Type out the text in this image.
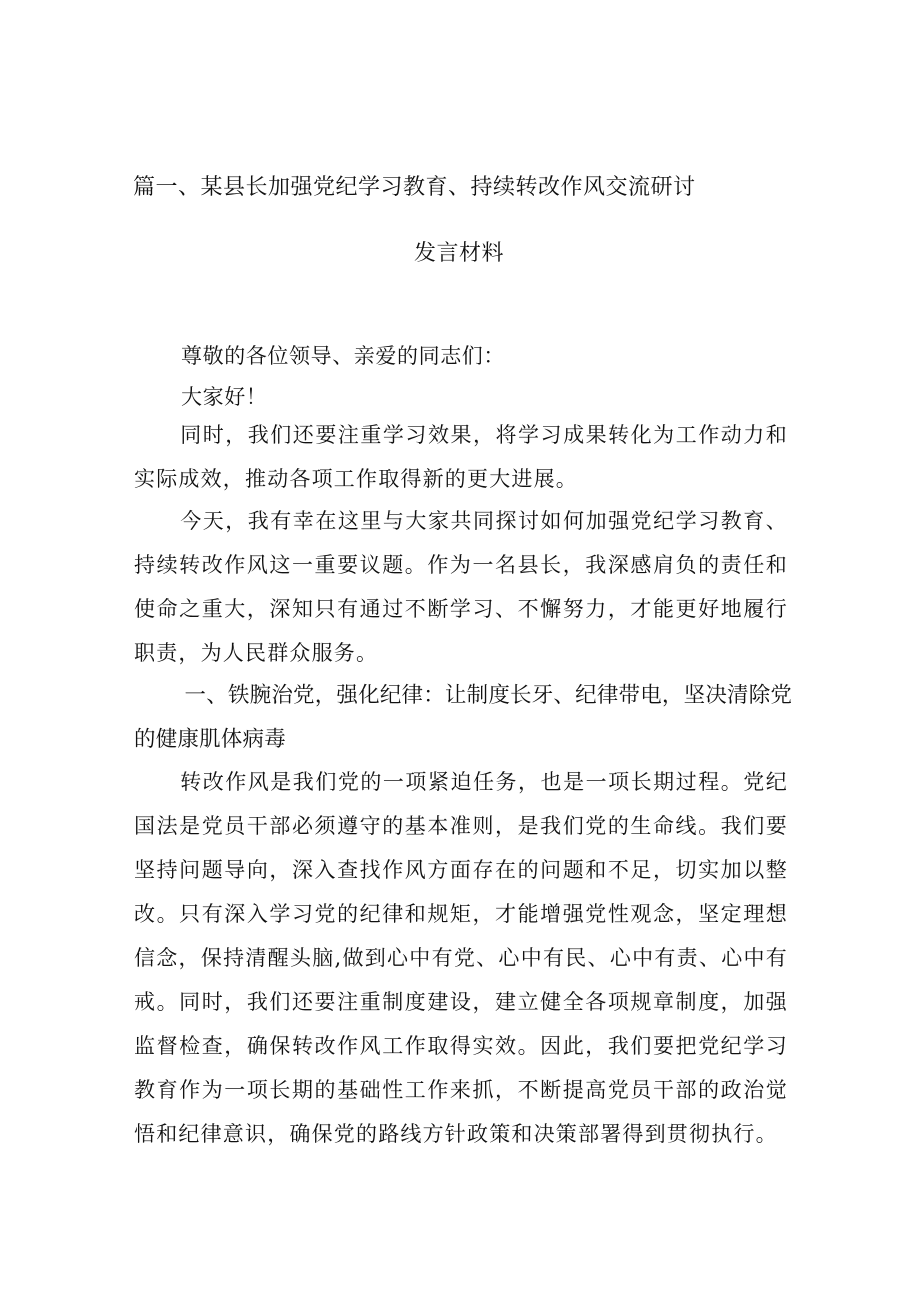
篇一、某县长加强党纪学习教育、持续转改作风交流研讨
发言材料
尊敬的各位领导、亲爱的同志们：
大家好！

同时，我们还要注重学习效果，将学习成果转化为工作动力和实际成效，推动各项工作取得新的更大进展。

今天，我有幸在这里与大家共同探讨如何加强党纪学习教育、持续转改作风这一重要议题。作为一名县长，我深感肩负的责任和使命之重大，深知只有通过不断学习、不懈努力，才能更好地履行职责，为人民群众服务。

一、铁腕治党，强化纪律：让制度长牙、纪律带电，坚决清除党的健康肌体病毒

转改作风是我们党的一项紧迫任务，也是一项长期过程。党纪国法是党员干部必须遵守的基本准则，是我们党的生命线。我们要坚持问题导向，深入查找作风方面存在的问题和不足，切实加以整改。只有深入学习党的纪律和规矩，才能增强党性观念，坚定理想信念，保持清醒头脑,做到心中有党、心中有民、心中有责、心中有戒。同时，我们还要注重制度建设，建立健全各项规章制度，加强监督检查，确保转改作风工作取得实效。因此，我们要把党纪学习教育作为一项长期的基础性工作来抓，不断提高党员干部的政治觉悟和纪律意识，确保党的路线方针政策和决策部署得到贯彻执行。
